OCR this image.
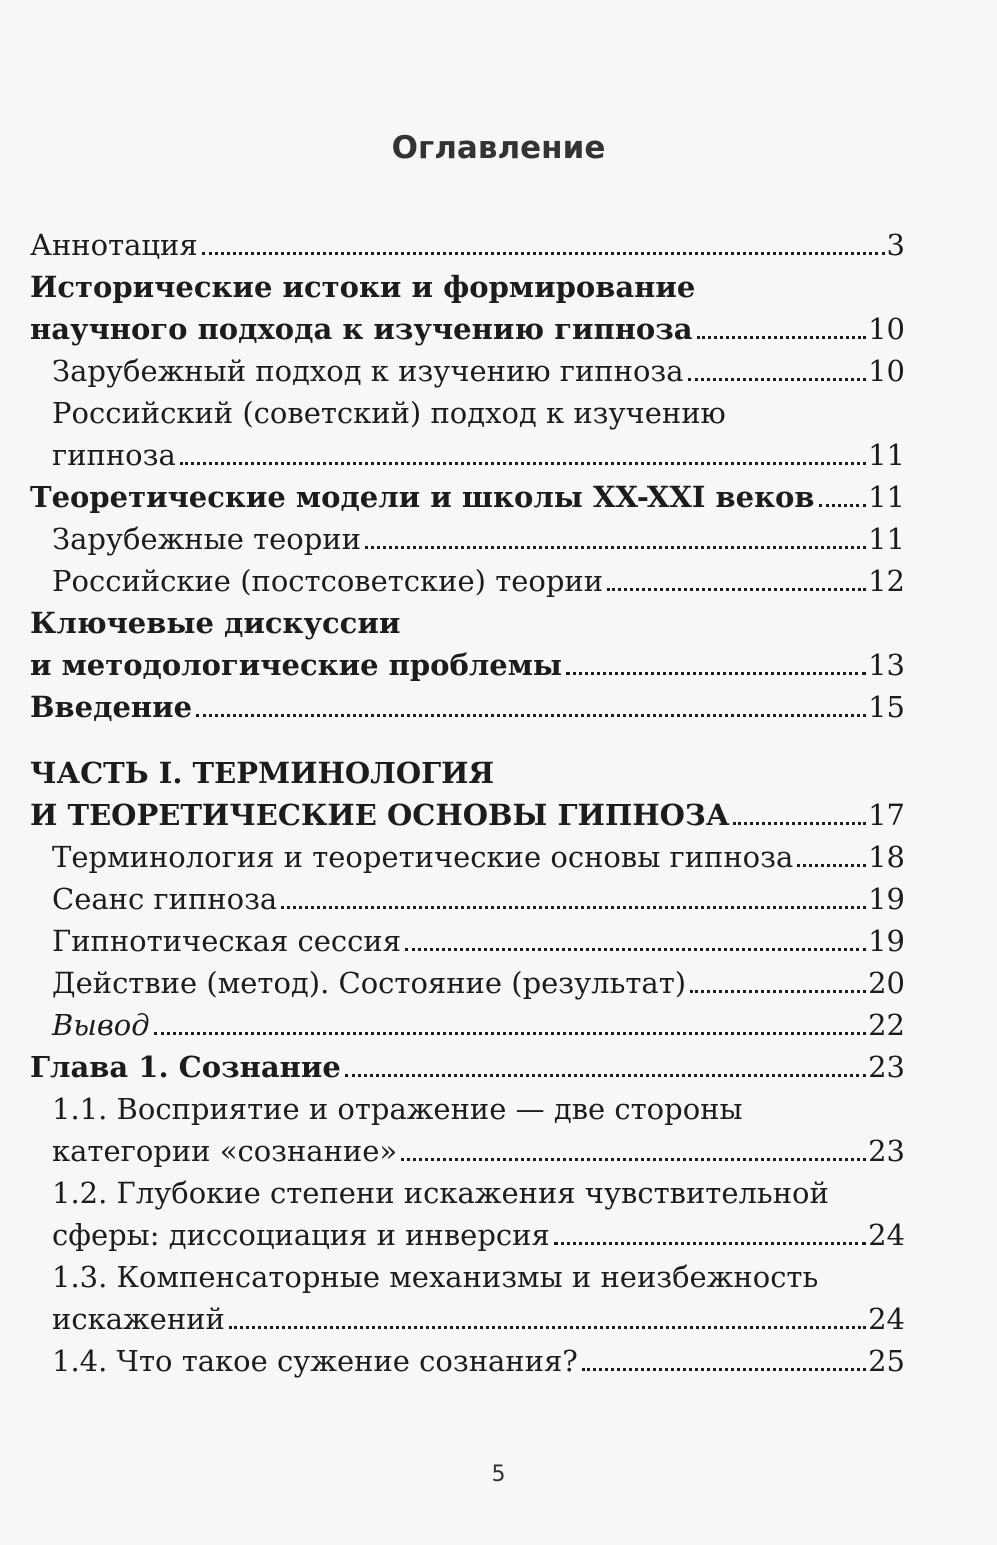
Оглавление
Аннотация	3
Исторические истоки и формирование
научного подхода к изучению гипноза	10
Зарубежный подход к изучению гипноза	10
Российский (советский) подход к изучению
гипноза	11
Теоретические модели и школы XX-XXI веков 11
Зарубежные теории	11
Российские (постсоветские) теории	12
Ключевые дискуссии
и методологические проблемы	13
Введение	15
ЧАСТЬ I. ТЕРМИНОЛОГИЯ
И ТЕОРЕТИЧЕСКИЕ ОСНОВЫ ГИПНОЗА	17
Терминология и теоретические основы гипноза	18
Сеанс гипноза	19
Гипнотическая сессия	19
Действие (метод). Состояние (результат)	20
Вывод	22
Глава 1. Сознание	23
1.1. Восприятие и отражение — две стороны
категории «сознание»	23
1.2. Глубокие степени искажения чувствительной
сферы: диссоциация и инверсия	24
1.3. Компенсаторные механизмы и неизбежность
искажений	24
1.4. Что такое сужение сознания?	25
5
